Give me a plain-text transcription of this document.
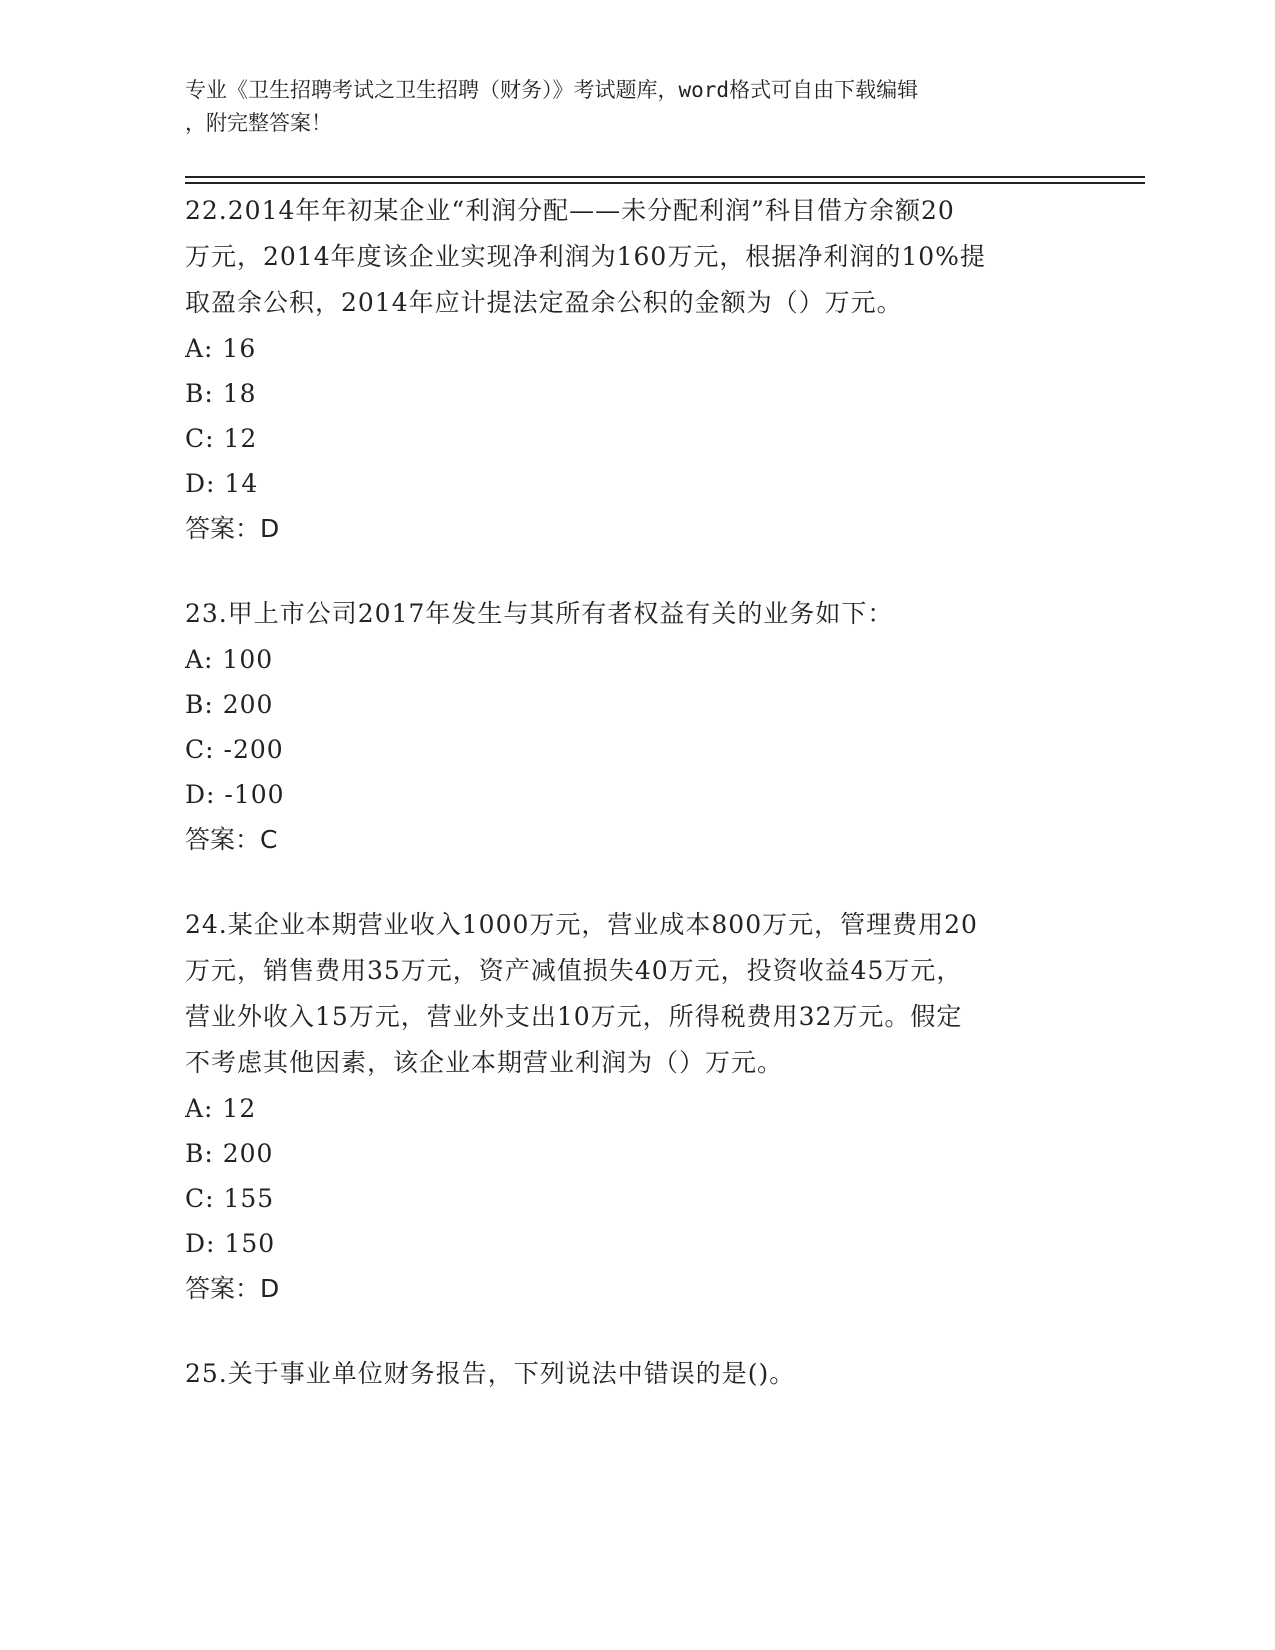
专业《卫生招聘考试之卫生招聘（财务）》考试题库，word格式可自由下载编辑
，附完整答案！

22.2014年年初某企业“利润分配——未分配利润”科目借方余额20

万元，2014年度该企业实现净利润为160万元，根据净利润的10%提

取盈余公积，2014年应计提法定盈余公积的金额为（）万元。

A: 16

B: 18

C: 12

D: 14

答案：D

23.甲上市公司2017年发生与其所有者权益有关的业务如下：

A: 100

B: 200

C: -200

D: -100

答案：C

24.某企业本期营业收入1000万元，营业成本800万元，管理费用20

万元，销售费用35万元，资产减值损失40万元，投资收益45万元，

营业外收入15万元，营业外支出10万元，所得税费用32万元。假定

不考虑其他因素，该企业本期营业利润为（）万元。

A: 12

B: 200

C: 155

D: 150

答案：D

25.关于事业单位财务报告，下列说法中错误的是()。
